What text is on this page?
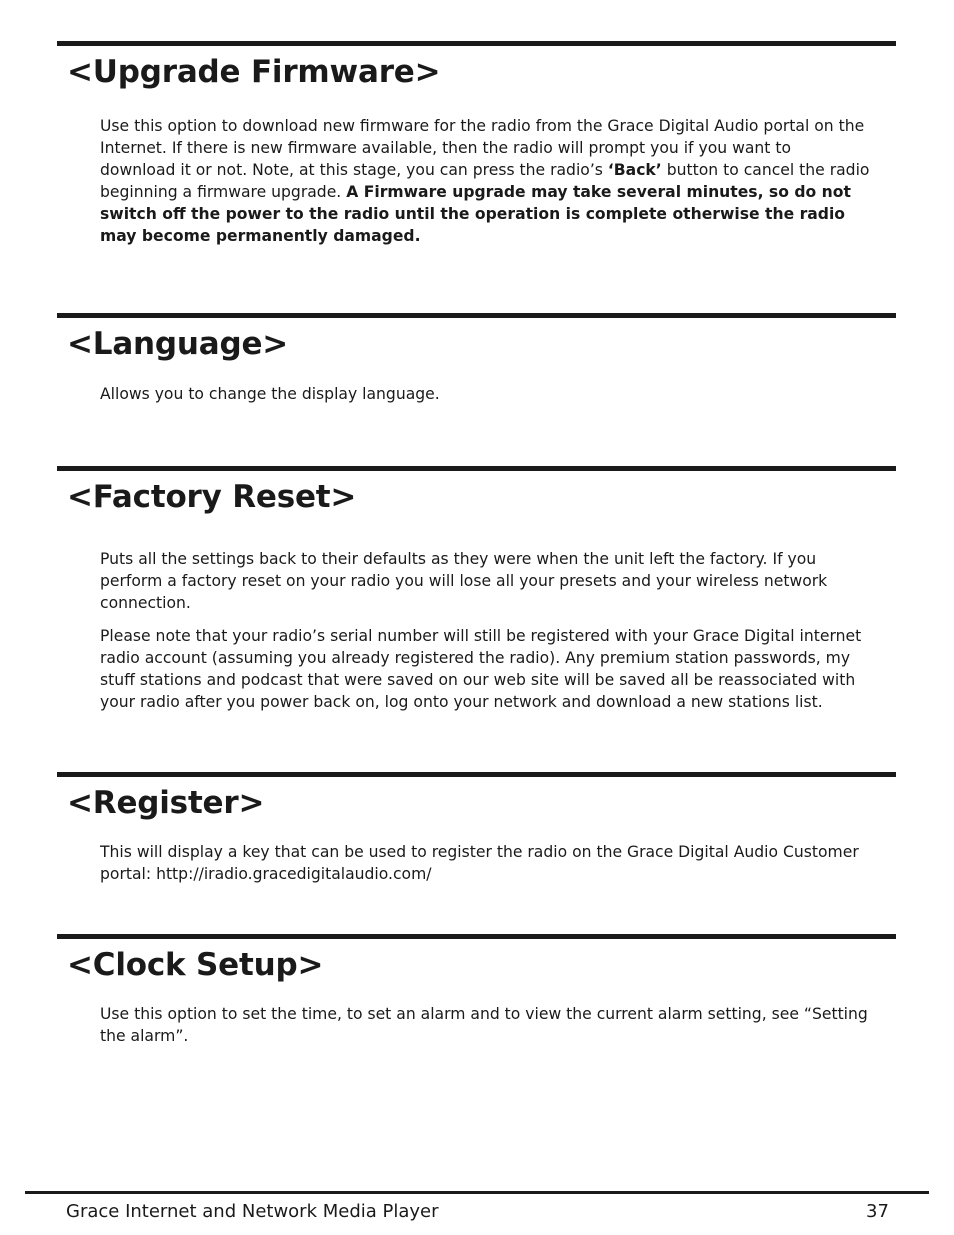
<Upgrade Firmware>

Use this option to download new firmware for the radio from the Grace Digital Audio portal on the Internet. If there is new firmware available, then the radio will prompt you if you want to download it or not. Note, at this stage, you can press the radio’s ‘Back’ button to cancel the radio beginning a firmware upgrade. A Firmware upgrade may take several minutes, so do not switch off the power to the radio until the operation is complete otherwise the radio may become permanently damaged.

<Language>

Allows you to change the display language.

<Factory Reset>

Puts all the settings back to their defaults as they were when the unit left the factory. If you perform a factory reset on your radio you will lose all your presets and your wireless network connection.

Please note that your radio’s serial number will still be registered with your Grace Digital internet radio account (assuming you already registered the radio). Any premium station passwords, my stuff stations and podcast that were saved on our web site will be saved all be reassociated with your radio after you power back on, log onto your network and download a new stations list.

<Register>

This will display a key that can be used to register the radio on the Grace Digital Audio Customer portal: http://iradio.gracedigitalaudio.com/

<Clock Setup>

Use this option to set the time, to set an alarm and to view the current alarm setting, see “Setting the alarm”.

Grace Internet and Network Media Player	37
